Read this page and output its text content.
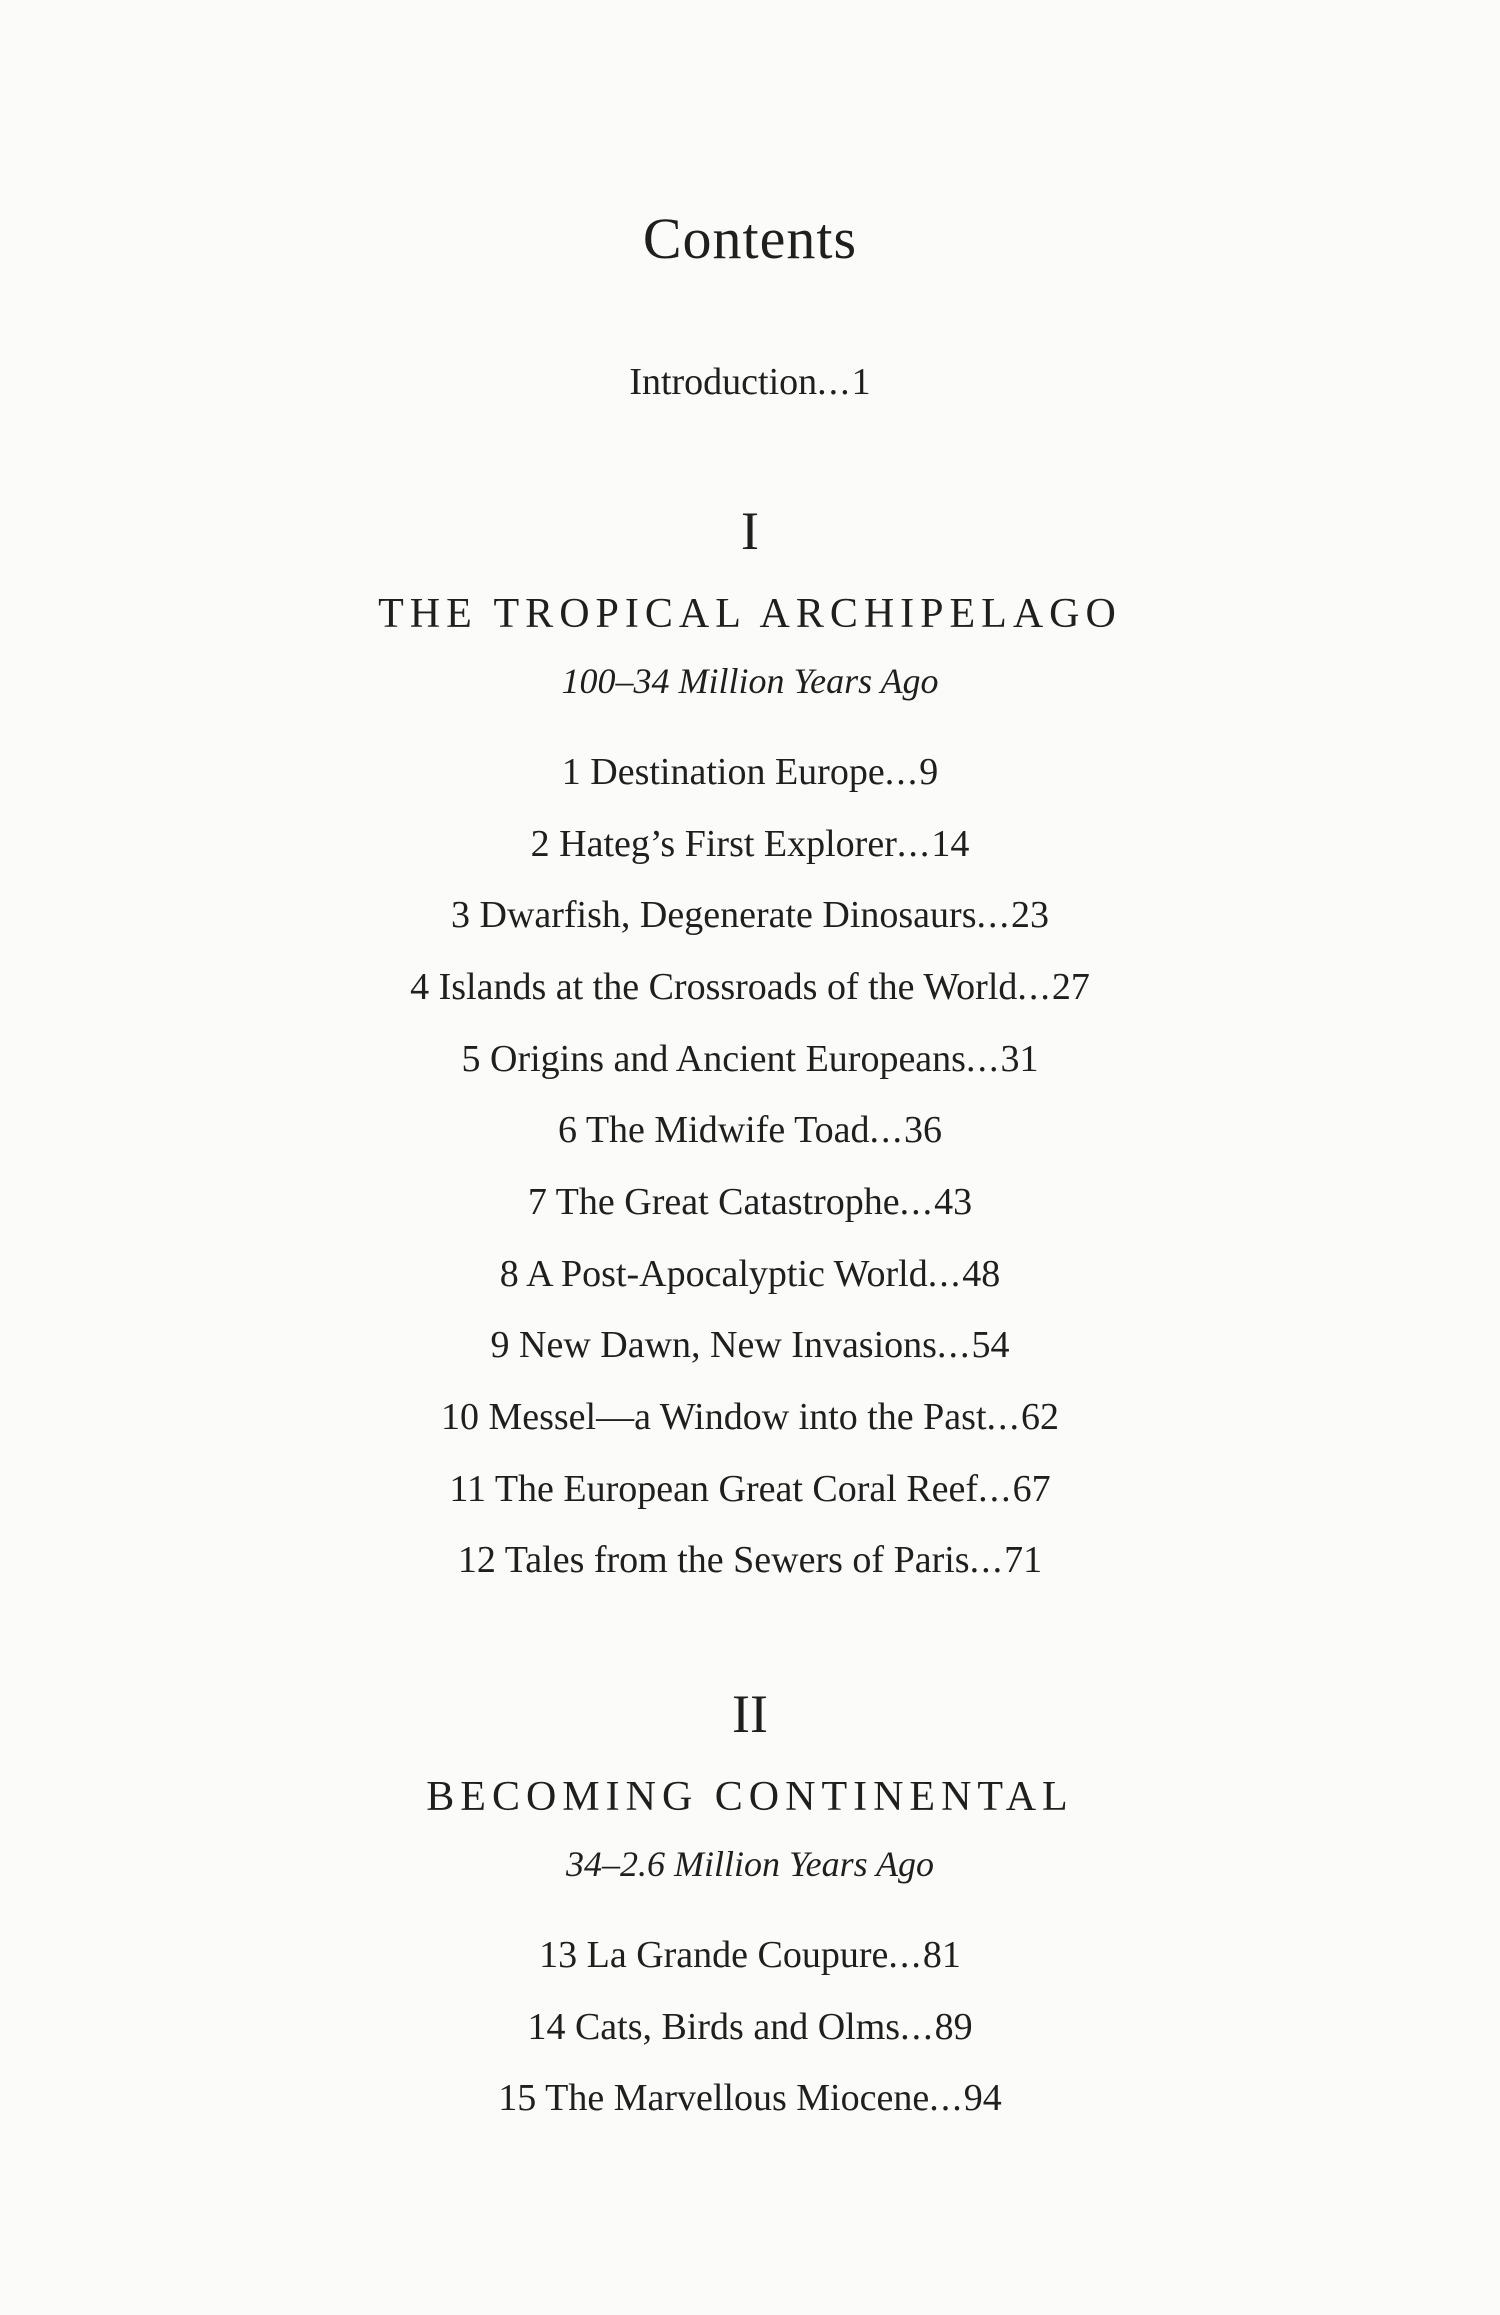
Contents
Introduction...1
I
THE TROPICAL ARCHIPELAGO
100–34 Million Years Ago
1 Destination Europe...9
2 Hateg’s First Explorer...14
3 Dwarfish, Degenerate Dinosaurs...23
4 Islands at the Crossroads of the World...27
5 Origins and Ancient Europeans...31
6 The Midwife Toad...36
7 The Great Catastrophe...43
8 A Post-Apocalyptic World...48
9 New Dawn, New Invasions...54
10 Messel—a Window into the Past...62
11 The European Great Coral Reef...67
12 Tales from the Sewers of Paris...71
II
BECOMING CONTINENTAL
34–2.6 Million Years Ago
13 La Grande Coupure...81
14 Cats, Birds and Olms...89
15 The Marvellous Miocene...94
